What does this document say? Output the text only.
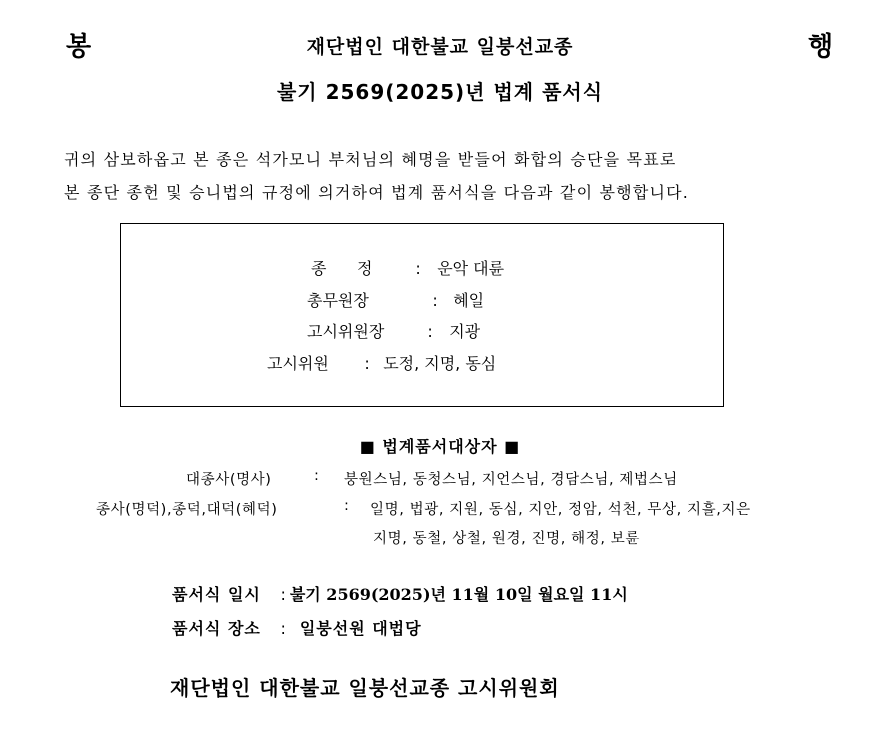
봉	재단법인 대한불교 일붕선교종	행
불기 2569(2025)년 법계 품서식
귀의 삼보하옵고 본 종은 석가모니 부처님의 혜명을 받들어 화합의 승단을 목표로
본 종단 종헌 및 승니법의 규정에 의거하여 법계 품서식을 다음과 같이 봉행합니다.
종      정	: 운악 대륜
총무원장	: 혜일
고시위원장	: 지광
고시위원 : 도정, 지명, 동심
■ 법계품서대상자 ■
대종사(명사)	: 붕원스님, 동청스님, 지언스님, 경담스님, 제법스님
종사(명덕),종덕,대덕(혜덕)	: 일명, 법광, 지원, 동심, 지안, 정암, 석천, 무상, 지흘,지은
지명, 동철, 상철, 원경, 진명, 해정, 보륜
품서식 일시 : 불기 2569(2025)년 11월 10일 월요일 11시
품서식 장소 : 일붕선원 대법당
재단법인 대한불교 일붕선교종 고시위원회
